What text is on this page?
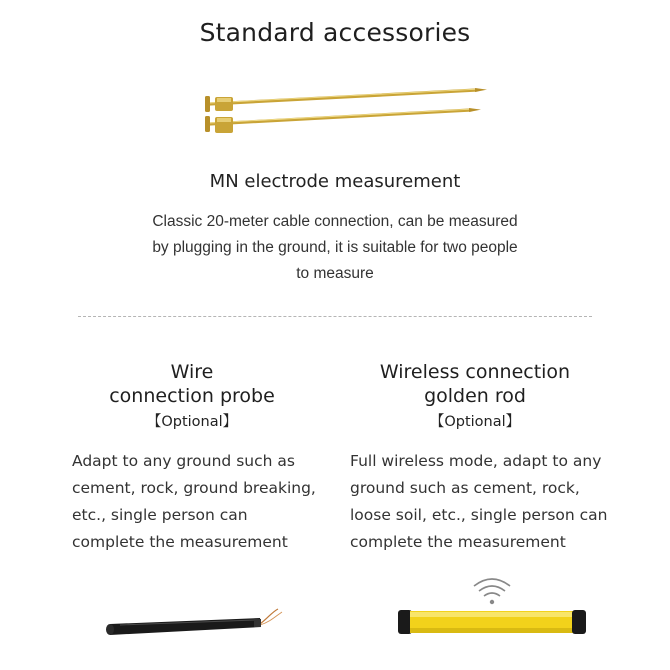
Standard accessories
MN electrode measurement
Classic 20-meter cable connection, can be measured
by plugging in the ground, it is suitable for two people
to measure
Wire
connection probe
【Optional】
Adapt to any ground such as
cement, rock, ground breaking,
etc., single person can
complete the measurement
Wireless connection
golden rod
【Optional】
Full wireless mode, adapt to any
ground such as cement, rock,
loose soil, etc., single person can
complete the measurement
